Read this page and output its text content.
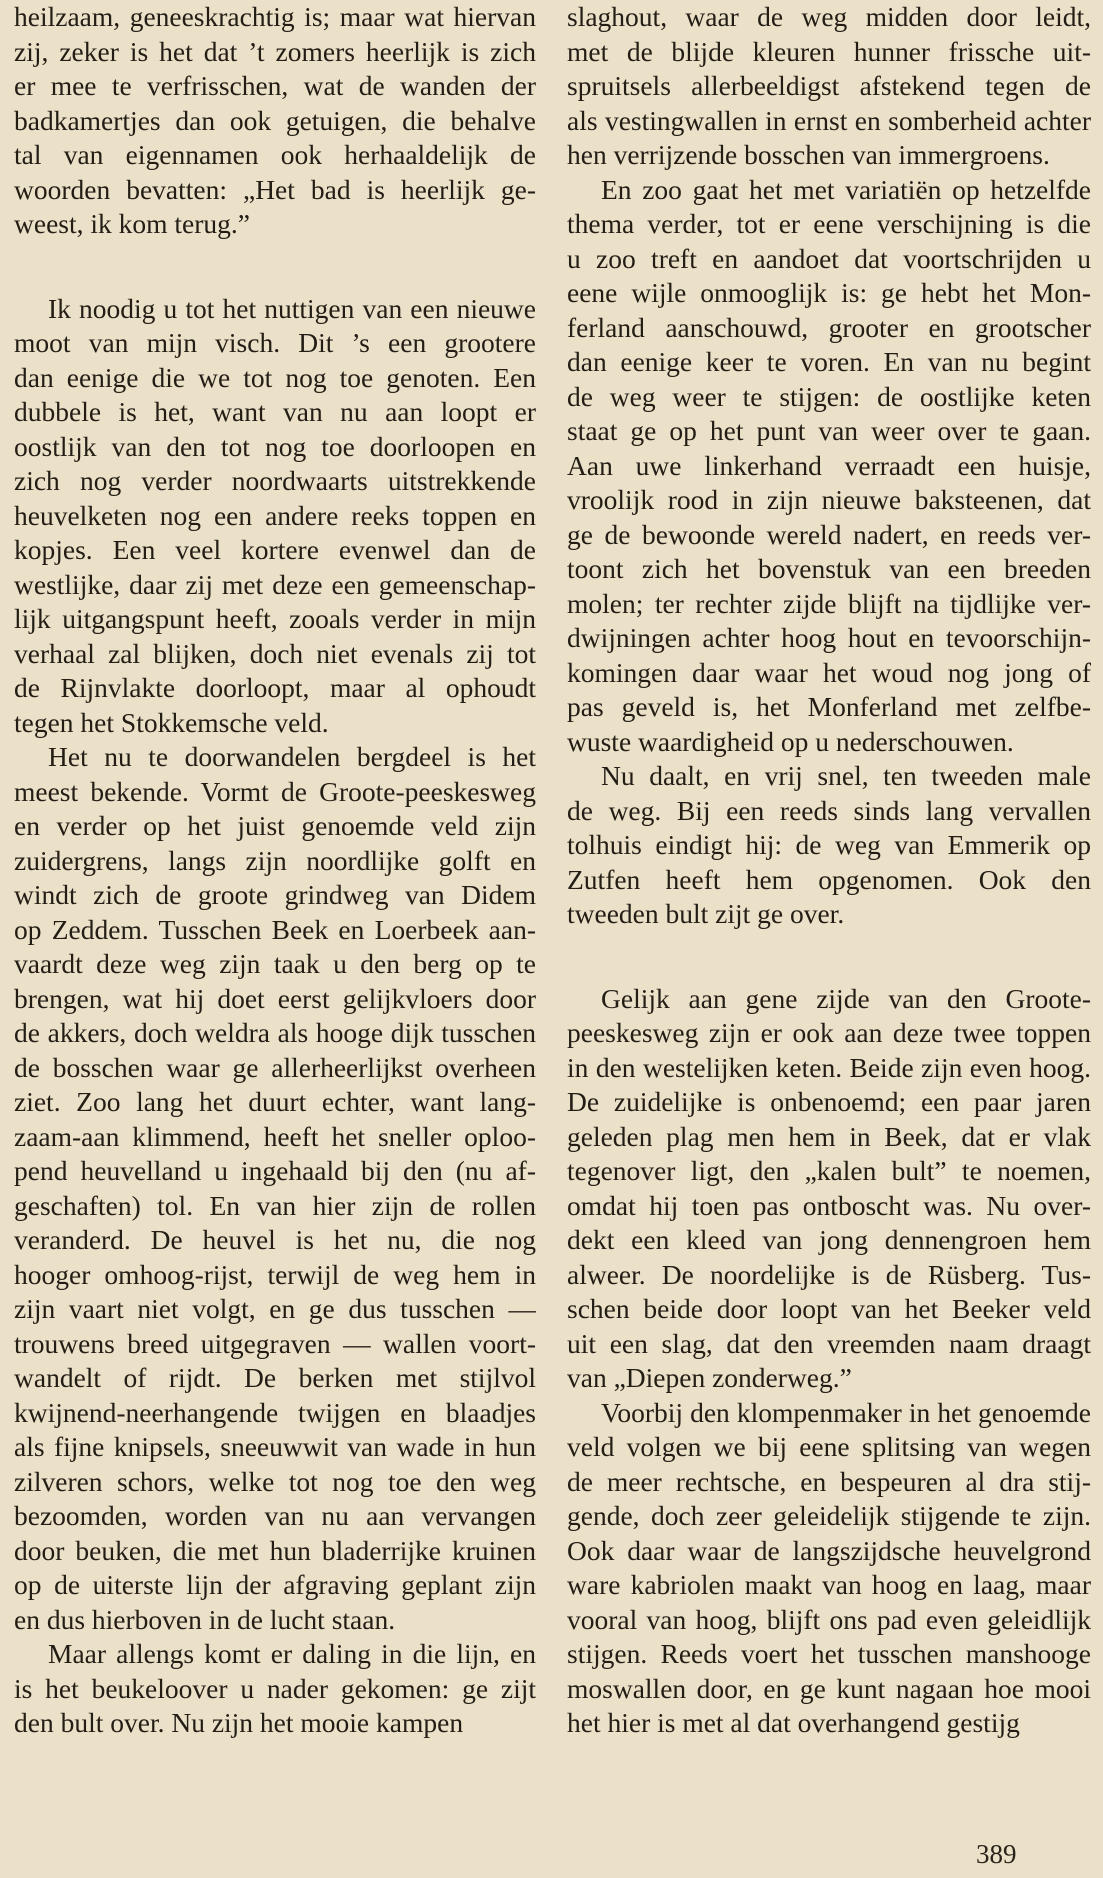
heilzaam, geneeskrachtig is; maar wat hiervan
zij, zeker is het dat ’t zomers heerlijk is zich
er mee te verfrisschen, wat de wanden der
badkamertjes dan ook getuigen, die behalve
tal van eigennamen ook herhaaldelijk de
woorden bevatten: „Het bad is heerlijk ge-
weest, ik kom terug.”
Ik noodig u tot het nuttigen van een nieuwe
moot van mijn visch. Dit ’s een grootere
dan eenige die we tot nog toe genoten. Een
dubbele is het, want van nu aan loopt er
oostlijk van den tot nog toe doorloopen en
zich nog verder noordwaarts uitstrekkende
heuvelketen nog een andere reeks toppen en
kopjes. Een veel kortere evenwel dan de
westlijke, daar zij met deze een gemeenschap-
lijk uitgangspunt heeft, zooals verder in mijn
verhaal zal blijken, doch niet evenals zij tot
de Rijnvlakte doorloopt, maar al ophoudt
tegen het Stokkemsche veld.
Het nu te doorwandelen bergdeel is het
meest bekende. Vormt de Groote-peeskesweg
en verder op het juist genoemde veld zijn
zuidergrens, langs zijn noordlijke golft en
windt zich de groote grindweg van Didem
op Zeddem. Tusschen Beek en Loerbeek aan-
vaardt deze weg zijn taak u den berg op te
brengen, wat hij doet eerst gelijkvloers door
de akkers, doch weldra als hooge dijk tusschen
de bosschen waar ge allerheerlijkst overheen
ziet. Zoo lang het duurt echter, want lang-
zaam-aan klimmend, heeft het sneller oploo-
pend heuvelland u ingehaald bij den (nu af-
geschaften) tol. En van hier zijn de rollen
veranderd. De heuvel is het nu, die nog
hooger omhoog-rijst, terwijl de weg hem in
zijn vaart niet volgt, en ge dus tusschen —
trouwens breed uitgegraven — wallen voort-
wandelt of rijdt. De berken met stijlvol
kwijnend-neerhangende twijgen en blaadjes
als fijne knipsels, sneeuwwit van wade in hun
zilveren schors, welke tot nog toe den weg
bezoomden, worden van nu aan vervangen
door beuken, die met hun bladerrijke kruinen
op de uiterste lijn der afgraving geplant zijn
en dus hierboven in de lucht staan.
Maar allengs komt er daling in die lijn, en
is het beukeloover u nader gekomen: ge zijt
den bult over. Nu zijn het mooie kampen
slaghout, waar de weg midden door leidt,
met de blijde kleuren hunner frissche uit-
spruitsels allerbeeldigst afstekend tegen de
als vestingwallen in ernst en somberheid achter
hen verrijzende bosschen van immergroens.
En zoo gaat het met variatiën op hetzelfde
thema verder, tot er eene verschijning is die
u zoo treft en aandoet dat voortschrijden u
eene wijle onmooglijk is: ge hebt het Mon-
ferland aanschouwd, grooter en grootscher
dan eenige keer te voren. En van nu begint
de weg weer te stijgen: de oostlijke keten
staat ge op het punt van weer over te gaan.
Aan uwe linkerhand verraadt een huisje,
vroolijk rood in zijn nieuwe baksteenen, dat
ge de bewoonde wereld nadert, en reeds ver-
toont zich het bovenstuk van een breeden
molen; ter rechter zijde blijft na tijdlijke ver-
dwijningen achter hoog hout en tevoorschijn-
komingen daar waar het woud nog jong of
pas geveld is, het Monferland met zelfbe-
wuste waardigheid op u nederschouwen.
Nu daalt, en vrij snel, ten tweeden male
de weg. Bij een reeds sinds lang vervallen
tolhuis eindigt hij: de weg van Emmerik op
Zutfen heeft hem opgenomen. Ook den
tweeden bult zijt ge over.
Gelijk aan gene zijde van den Groote-
peeskesweg zijn er ook aan deze twee toppen
in den westelijken keten. Beide zijn even hoog.
De zuidelijke is onbenoemd; een paar jaren
geleden plag men hem in Beek, dat er vlak
tegenover ligt, den „kalen bult” te noemen,
omdat hij toen pas ontboscht was. Nu over-
dekt een kleed van jong dennengroen hem
alweer. De noordelijke is de Rüsberg. Tus-
schen beide door loopt van het Beeker veld
uit een slag, dat den vreemden naam draagt
van „Diepen zonderweg.”
Voorbij den klompenmaker in het genoemde
veld volgen we bij eene splitsing van wegen
de meer rechtsche, en bespeuren al dra stij-
gende, doch zeer geleidelijk stijgende te zijn.
Ook daar waar de langszijdsche heuvelgrond
ware kabriolen maakt van hoog en laag, maar
vooral van hoog, blijft ons pad even geleidlijk
stijgen. Reeds voert het tusschen manshooge
moswallen door, en ge kunt nagaan hoe mooi
het hier is met al dat overhangend gestijg
389
